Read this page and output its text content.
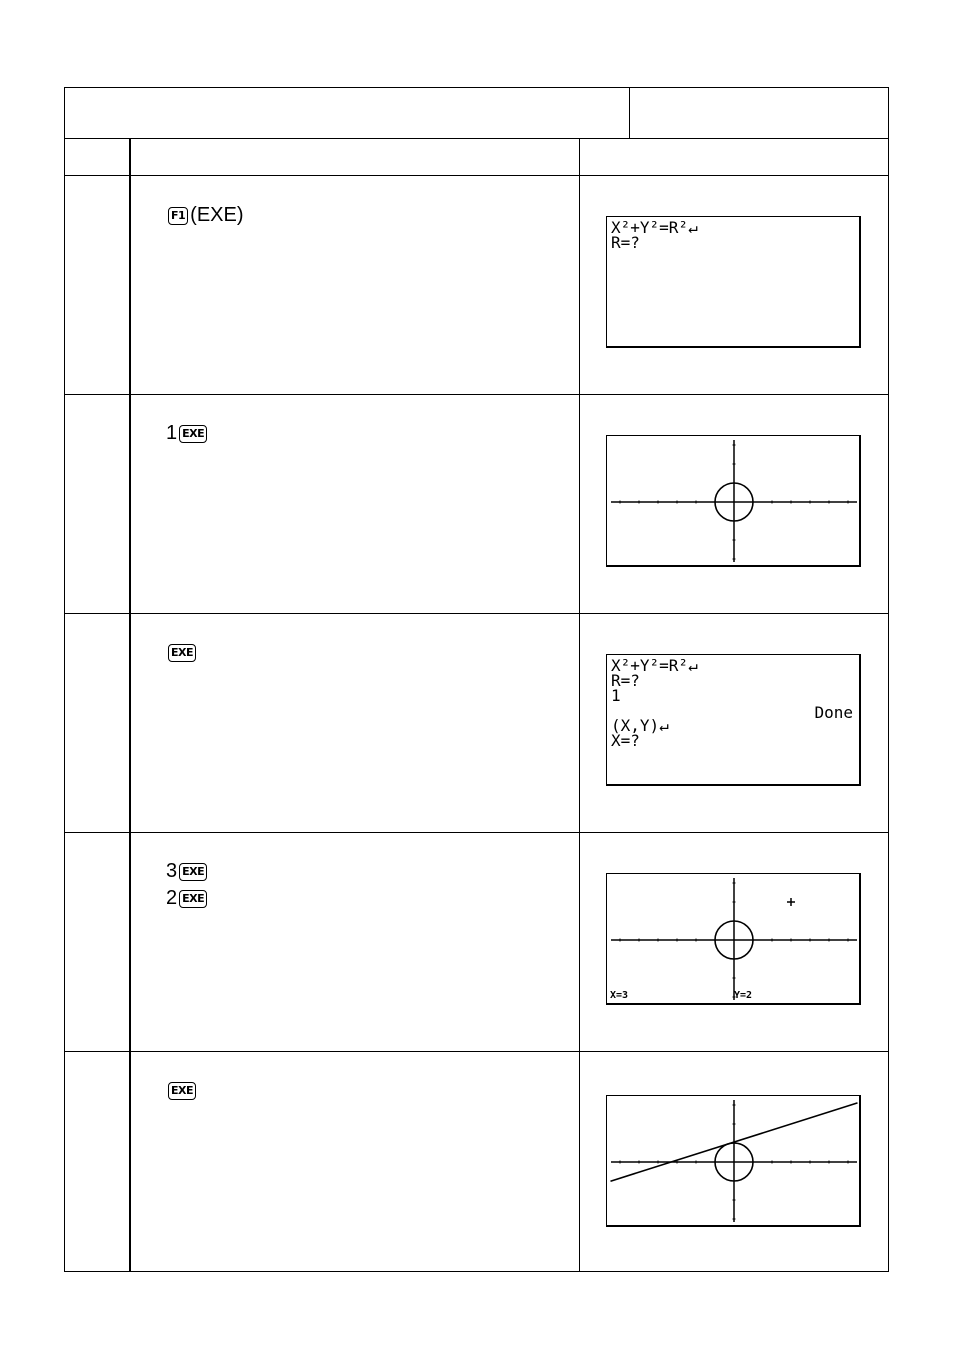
F1 (EXE)
X²+Y²=R²↵
R=?
1 EXE
EXE
X²+Y²=R²↵
R=?
1

(X,Y)↵
X=?
Done
3 EXE
2 EXE
X=3	Y=2
EXE
